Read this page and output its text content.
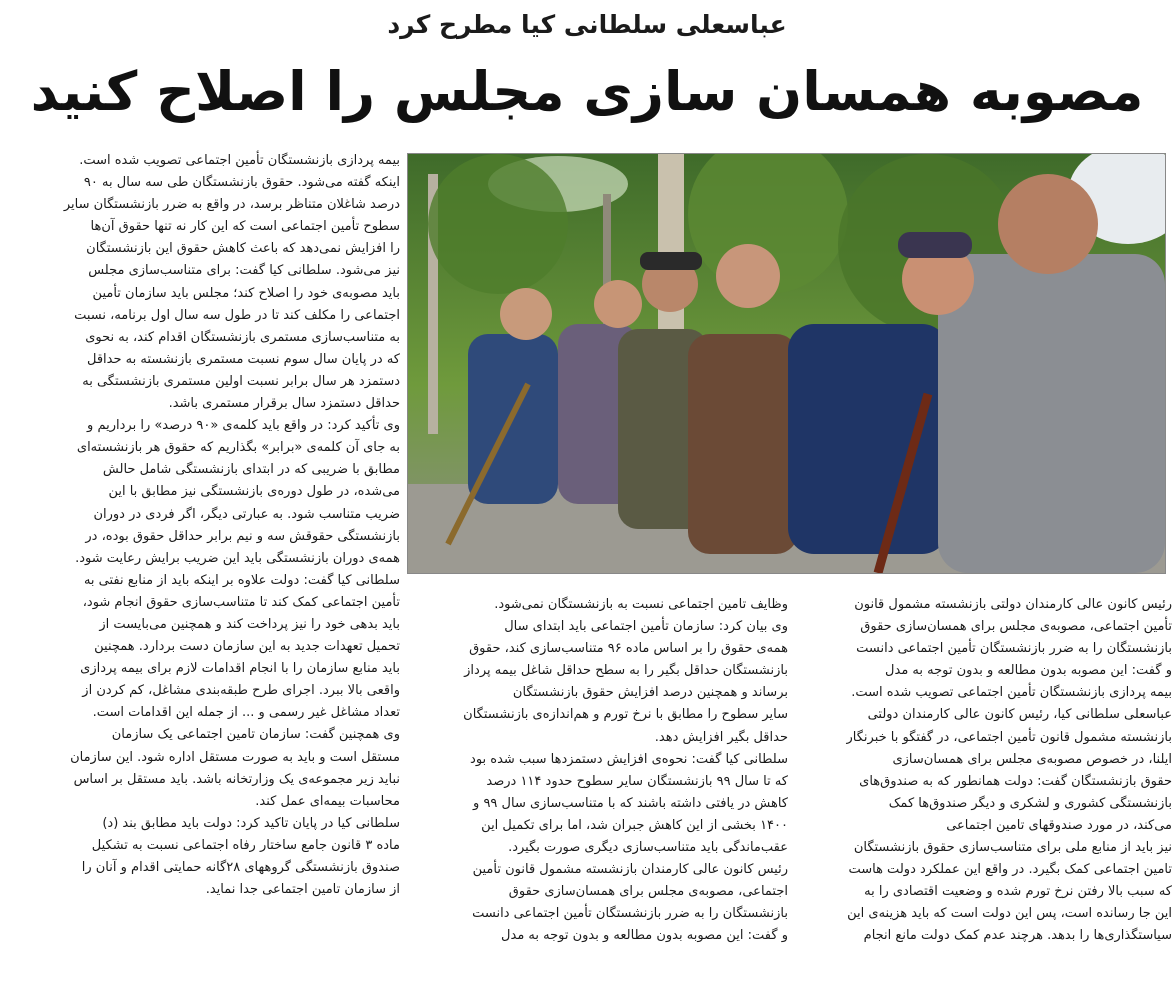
عباسعلی سلطانی کیا مطرح کرد
مصوبه همسان سازی مجلس را اصلاح کنید

بیمه پردازی بازنشستگان تأمین اجتماعی تصویب شده است.

اینکه گفته می‌شود. حقوق بازنشستگان طی سه سال به ۹۰

درصد شاغلان متناظر برسد، در واقع به ضرر بازنشستگان سایر

سطوح تأمین اجتماعی است که این کار نه تنها حقوق آن‌ها

را افزایش نمی‌دهد که باعث کاهش حقوق این بازنشستگان

نیز می‌شود. سلطانی کیا گفت: برای متناسب‌سازی مجلس

باید مصوبه‌ی خود را اصلاح کند؛ مجلس باید سازمان تأمین

اجتماعی را مکلف کند تا در طول سه سال اول برنامه، نسبت

به متناسب‌سازی مستمری بازنشستگان اقدام کند، به نحوی

که در پایان سال سوم نسبت مستمری بازنشسته به حداقل

دستمزد هر سال برابر نسبت اولین مستمری بازنشستگی به

حداقل دستمزد سال برقرار مستمری باشد.

وی تأکید کرد: در واقع باید کلمه‌ی «۹۰ درصد» را برداریم و

به جای آن کلمه‌ی «برابر» بگذاریم که حقوق هر بازنشسته‌ای

مطابق با ضریبی که در ابتدای بازنشستگی شامل حالش

می‌شده، در طول دوره‌ی بازنشستگی نیز مطابق با این

ضریب متناسب شود. به عبارتی دیگر، اگر فردی در دوران

بازنشستگی حقوقش سه و نیم برابر حداقل حقوق بوده، در

همه‌ی دوران بازنشستگی باید این ضریب برایش رعایت شود.

سلطانی کیا گفت: دولت علاوه بر اینکه باید از منابع نفتی به

تأمین اجتماعی کمک کند تا متناسب‌سازی حقوق انجام شود،

باید بدهی خود را نیز پرداخت کند و همچنین می‌بایست از

تحمیل تعهدات جدید به این سازمان دست بردارد. همچنین

باید منابع سازمان را با انجام اقدامات لازم برای بیمه پردازی

واقعی بالا ببرد. اجرای طرح طبقه‌بندی مشاغل، کم کردن از

تعداد مشاغل غیر رسمی و ... از جمله این اقدامات است.

وی همچنین گفت: سازمان تامین اجتماعی یک سازمان

مستقل است و باید به صورت مستقل اداره شود. این سازمان

نباید زیر مجموعه‌ی یک وزارتخانه باشد. باید مستقل بر اساس

محاسبات بیمه‌ای عمل کند.

سلطانی کیا در پایان تاکید کرد: دولت باید مطابق بند (د)

ماده ۳ قانون جامع ساختار رفاه اجتماعی نسبت به تشکیل

صندوق بازنشستگی گروههای ۲۸گانه حمایتی اقدام و آنان را

از سازمان تامین اجتماعی جدا نماید.

وظایف تامین اجتماعی نسبت به بازنشستگان نمی‌شود.

وی بیان کرد: سازمان تأمین اجتماعی باید ابتدای سال

همه‌ی حقوق را بر اساس ماده ۹۶ متناسب‌سازی کند، حقوق

بازنشستگان حداقل بگیر را به سطح حداقل شاغل بیمه پرداز

برساند و همچنین درصد افزایش حقوق بازنشستگان

سایر سطوح را مطابق با نرخ تورم و هم‌اندازه‌ی بازنشستگان

حداقل بگیر افزایش دهد.

سلطانی کیا گفت: نحوه‌ی افزایش دستمزدها سبب شده بود

که تا سال ۹۹ بازنشستگان سایر سطوح حدود ۱۱۴ درصد

کاهش در یافتی داشته باشند که با متناسب‌سازی سال ۹۹ و

۱۴۰۰ بخشی از این کاهش جبران شد، اما برای تکمیل این

عقب‌ماندگی باید متناسب‌سازی دیگری صورت بگیرد.

رئیس کانون عالی کارمندان بازنشسته مشمول قانون تأمین

اجتماعی، مصوبه‌ی مجلس برای همسان‌سازی حقوق

بازنشستگان را به ضرر بازنشستگان تأمین اجتماعی دانست

و گفت: این مصوبه بدون مطالعه و بدون توجه به مدل

رئیس کانون عالی کارمندان دولتی بازنشسته مشمول قانون

تأمین اجتماعی، مصوبه‌ی مجلس برای همسان‌سازی حقوق

بازنشستگان را به ضرر بازنشستگان تأمین اجتماعی دانست

و گفت: این مصوبه بدون مطالعه و بدون توجه به مدل

بیمه پردازی بازنشستگان تأمین اجتماعی تصویب شده است.

عباسعلی سلطانی کیا، رئیس کانون عالی کارمندان دولتی

بازنشسته مشمول قانون تأمین اجتماعی، در گفتگو با خبرنگار

ایلنا، در خصوص مصوبه‌ی مجلس برای همسان‌سازی

حقوق بازنشستگان گفت: دولت همانطور که به صندوق‌های

بازنشستگی کشوری و لشکری و دیگر صندوق‌ها کمک

می‌کند، در مورد صندوقهای تامین اجتماعی

نیز باید از منابع ملی برای متناسب‌سازی حقوق بازنشستگان

تامین اجتماعی کمک بگیرد. در واقع این عملکرد دولت هاست

که سبب بالا رفتن نرخ تورم شده و وضعیت اقتصادی را به

این جا رسانده است، پس این دولت است که باید هزینه‌ی این

سیاستگذاری‌ها را بدهد. هرچند عدم کمک دولت مانع انجام
